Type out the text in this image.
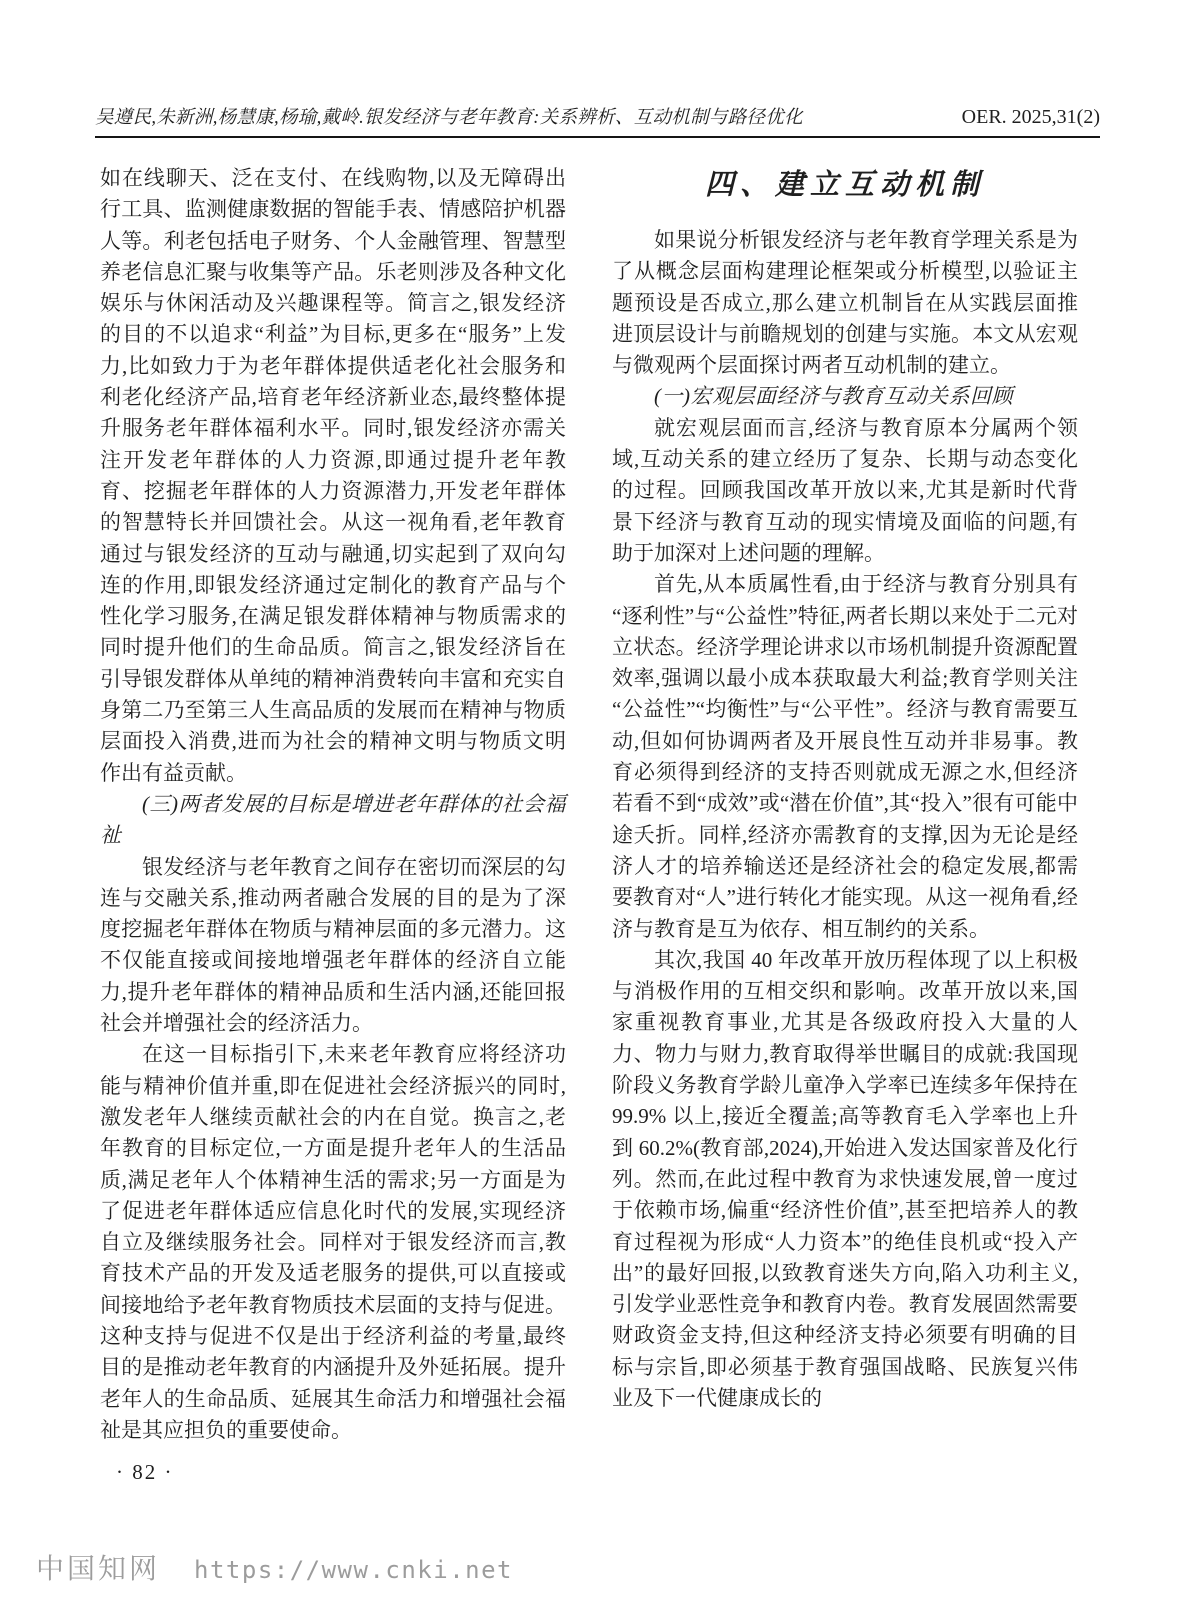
吴遵民,朱新洲,杨慧康,杨瑜,戴岭.银发经济与老年教育:关系辨析、互动机制与路径优化	OER. 2025,31(2)
如在线聊天、泛在支付、在线购物,以及无障碍出行工具、监测健康数据的智能手表、情感陪护机器人等。利老包括电子财务、个人金融管理、智慧型养老信息汇聚与收集等产品。乐老则涉及各种文化娱乐与休闲活动及兴趣课程等。简言之,银发经济的目的不以追求“利益”为目标,更多在“服务”上发力,比如致力于为老年群体提供适老化社会服务和利老化经济产品,培育老年经济新业态,最终整体提升服务老年群体福利水平。同时,银发经济亦需关注开发老年群体的人力资源,即通过提升老年教育、挖掘老年群体的人力资源潜力,开发老年群体的智慧特长并回馈社会。从这一视角看,老年教育通过与银发经济的互动与融通,切实起到了双向勾连的作用,即银发经济通过定制化的教育产品与个性化学习服务,在满足银发群体精神与物质需求的同时提升他们的生命品质。简言之,银发经济旨在引导银发群体从单纯的精神消费转向丰富和充实自身第二乃至第三人生高品质的发展而在精神与物质层面投入消费,进而为社会的精神文明与物质文明作出有益贡献。
(三)两者发展的目标是增进老年群体的社会福祉
银发经济与老年教育之间存在密切而深层的勾连与交融关系,推动两者融合发展的目的是为了深度挖掘老年群体在物质与精神层面的多元潜力。这不仅能直接或间接地增强老年群体的经济自立能力,提升老年群体的精神品质和生活内涵,还能回报社会并增强社会的经济活力。
在这一目标指引下,未来老年教育应将经济功能与精神价值并重,即在促进社会经济振兴的同时,激发老年人继续贡献社会的内在自觉。换言之,老年教育的目标定位,一方面是提升老年人的生活品质,满足老年人个体精神生活的需求;另一方面是为了促进老年群体适应信息化时代的发展,实现经济自立及继续服务社会。同样对于银发经济而言,教育技术产品的开发及适老服务的提供,可以直接或间接地给予老年教育物质技术层面的支持与促进。这种支持与促进不仅是出于经济利益的考量,最终目的是推动老年教育的内涵提升及外延拓展。提升老年人的生命品质、延展其生命活力和增强社会福祉是其应担负的重要使命。
四、建立互动机制
如果说分析银发经济与老年教育学理关系是为了从概念层面构建理论框架或分析模型,以验证主题预设是否成立,那么建立机制旨在从实践层面推进顶层设计与前瞻规划的创建与实施。本文从宏观与微观两个层面探讨两者互动机制的建立。
(一)宏观层面经济与教育互动关系回顾
就宏观层面而言,经济与教育原本分属两个领域,互动关系的建立经历了复杂、长期与动态变化的过程。回顾我国改革开放以来,尤其是新时代背景下经济与教育互动的现实情境及面临的问题,有助于加深对上述问题的理解。
首先,从本质属性看,由于经济与教育分别具有“逐利性”与“公益性”特征,两者长期以来处于二元对立状态。经济学理论讲求以市场机制提升资源配置效率,强调以最小成本获取最大利益;教育学则关注“公益性”“均衡性”与“公平性”。经济与教育需要互动,但如何协调两者及开展良性互动并非易事。教育必须得到经济的支持否则就成无源之水,但经济若看不到“成效”或“潜在价值”,其“投入”很有可能中途夭折。同样,经济亦需教育的支撑,因为无论是经济人才的培养输送还是经济社会的稳定发展,都需要教育对“人”进行转化才能实现。从这一视角看,经济与教育是互为依存、相互制约的关系。
其次,我国 40 年改革开放历程体现了以上积极与消极作用的互相交织和影响。改革开放以来,国家重视教育事业,尤其是各级政府投入大量的人力、物力与财力,教育取得举世瞩目的成就:我国现阶段义务教育学龄儿童净入学率已连续多年保持在 99.9% 以上,接近全覆盖;高等教育毛入学率也上升到 60.2%(教育部,2024),开始进入发达国家普及化行列。然而,在此过程中教育为求快速发展,曾一度过于依赖市场,偏重“经济性价值”,甚至把培养人的教育过程视为形成“人力资本”的绝佳良机或“投入产出”的最好回报,以致教育迷失方向,陷入功利主义,引发学业恶性竞争和教育内卷。教育发展固然需要财政资金支持,但这种经济支持必须要有明确的目标与宗旨,即必须基于教育强国战略、民族复兴伟业及下一代健康成长的
· 82 ·
中国知网 https://www.cnki.net
